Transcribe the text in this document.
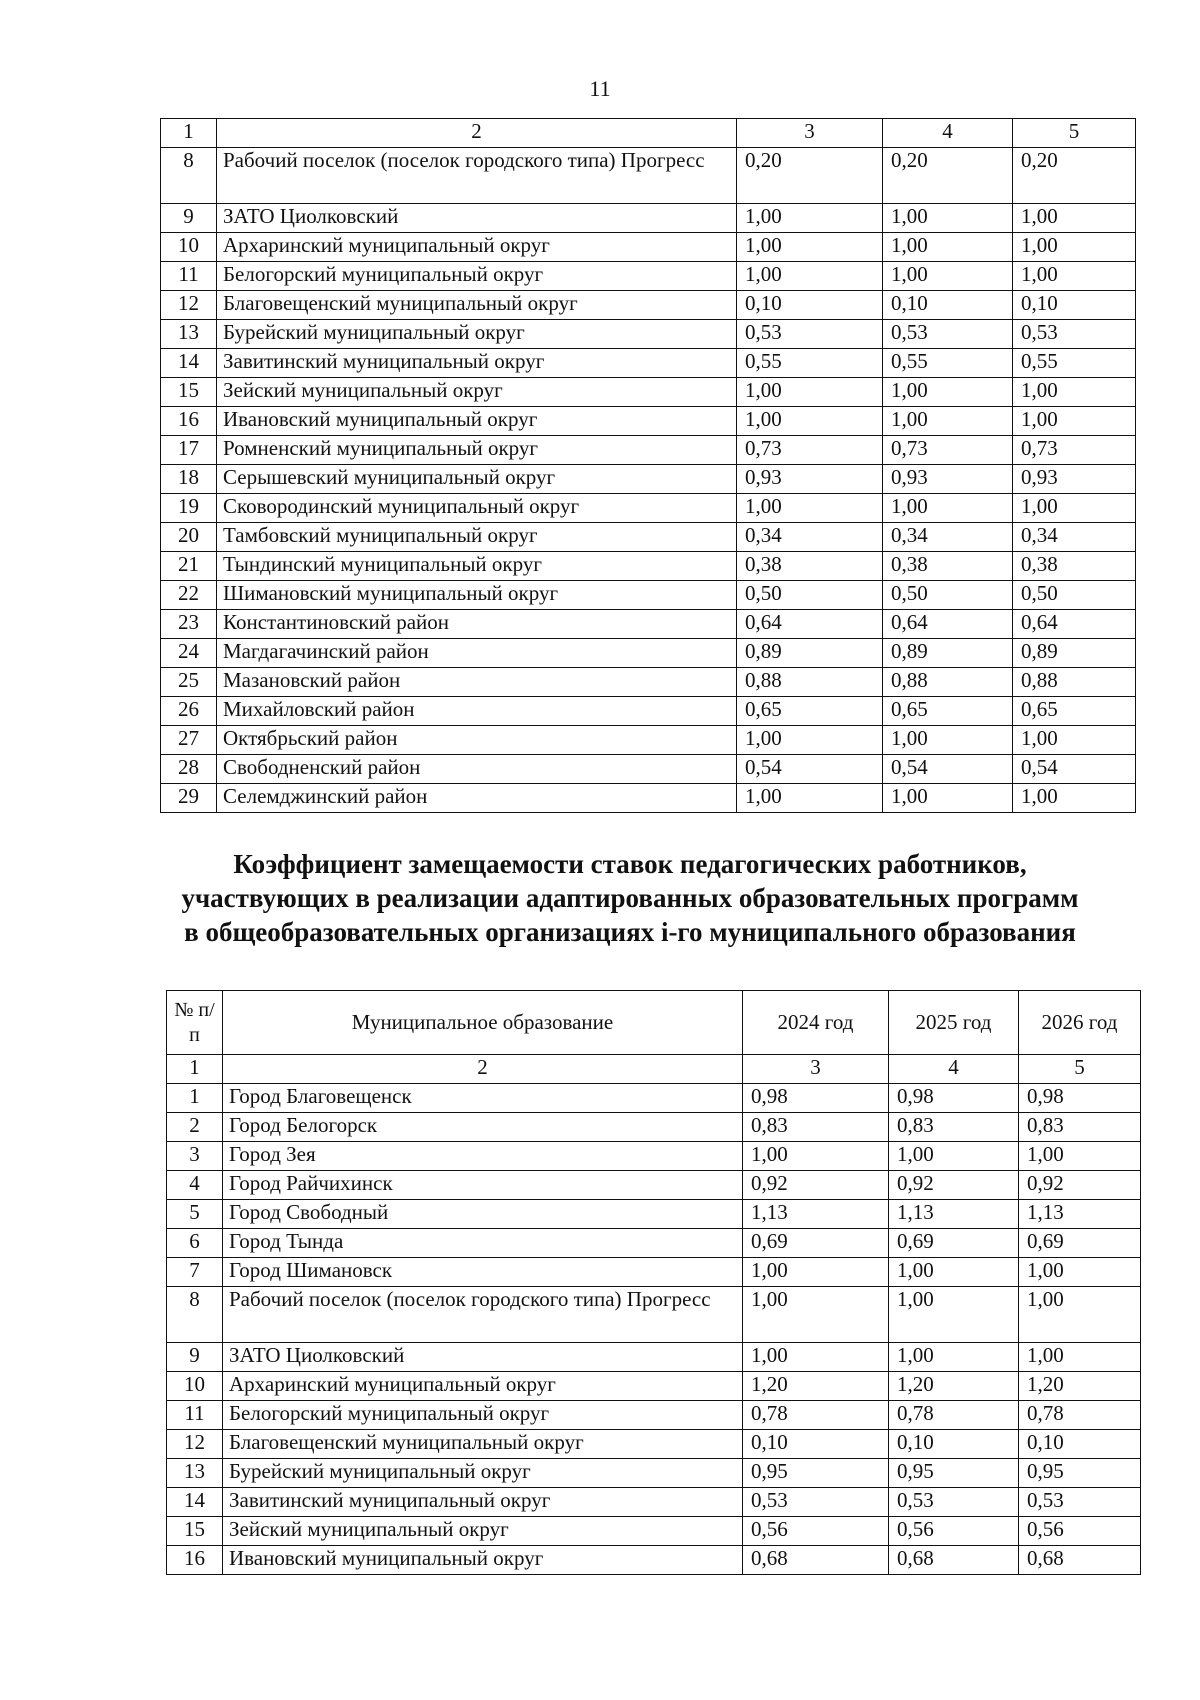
11
1	2	3	4	5
8	Рабочий поселок (поселок городского типа) Прогресс	0,20	0,20	0,20
9	ЗАТО Циолковский	1,00	1,00	1,00
10	Архаринский муниципальный округ	1,00	1,00	1,00
11	Белогорский муниципальный округ	1,00	1,00	1,00
12	Благовещенский муниципальный округ	0,10	0,10	0,10
13	Бурейский муниципальный округ	0,53	0,53	0,53
14	Завитинский муниципальный округ	0,55	0,55	0,55
15	Зейский муниципальный округ	1,00	1,00	1,00
16	Ивановский муниципальный округ	1,00	1,00	1,00
17	Ромненский муниципальный округ	0,73	0,73	0,73
18	Серышевский муниципальный округ	0,93	0,93	0,93
19	Сковородинский муниципальный округ	1,00	1,00	1,00
20	Тамбовский муниципальный округ	0,34	0,34	0,34
21	Тындинский муниципальный округ	0,38	0,38	0,38
22	Шимановский муниципальный округ	0,50	0,50	0,50
23	Константиновский район	0,64	0,64	0,64
24	Магдагачинский район	0,89	0,89	0,89
25	Мазановский район	0,88	0,88	0,88
26	Михайловский район	0,65	0,65	0,65
27	Октябрьский район	1,00	1,00	1,00
28	Свободненский район	0,54	0,54	0,54
29	Селемджинский район	1,00	1,00	1,00
Коэффициент замещаемости ставок педагогических работников,
участвующих в реализации адаптированных образовательных программ
в общеобразовательных организациях i-го муниципального образования
№ п/п	Муниципальное образование	2024 год	2025 год	2026 год
1	2	3	4	5
1	Город Благовещенск	0,98	0,98	0,98
2	Город Белогорск	0,83	0,83	0,83
3	Город Зея	1,00	1,00	1,00
4	Город Райчихинск	0,92	0,92	0,92
5	Город Свободный	1,13	1,13	1,13
6	Город Тында	0,69	0,69	0,69
7	Город Шимановск	1,00	1,00	1,00
8	Рабочий поселок (поселок городского типа) Прогресс	1,00	1,00	1,00
9	ЗАТО Циолковский	1,00	1,00	1,00
10	Архаринский муниципальный округ	1,20	1,20	1,20
11	Белогорский муниципальный округ	0,78	0,78	0,78
12	Благовещенский муниципальный округ	0,10	0,10	0,10
13	Бурейский муниципальный округ	0,95	0,95	0,95
14	Завитинский муниципальный округ	0,53	0,53	0,53
15	Зейский муниципальный округ	0,56	0,56	0,56
16	Ивановский муниципальный округ	0,68	0,68	0,68
